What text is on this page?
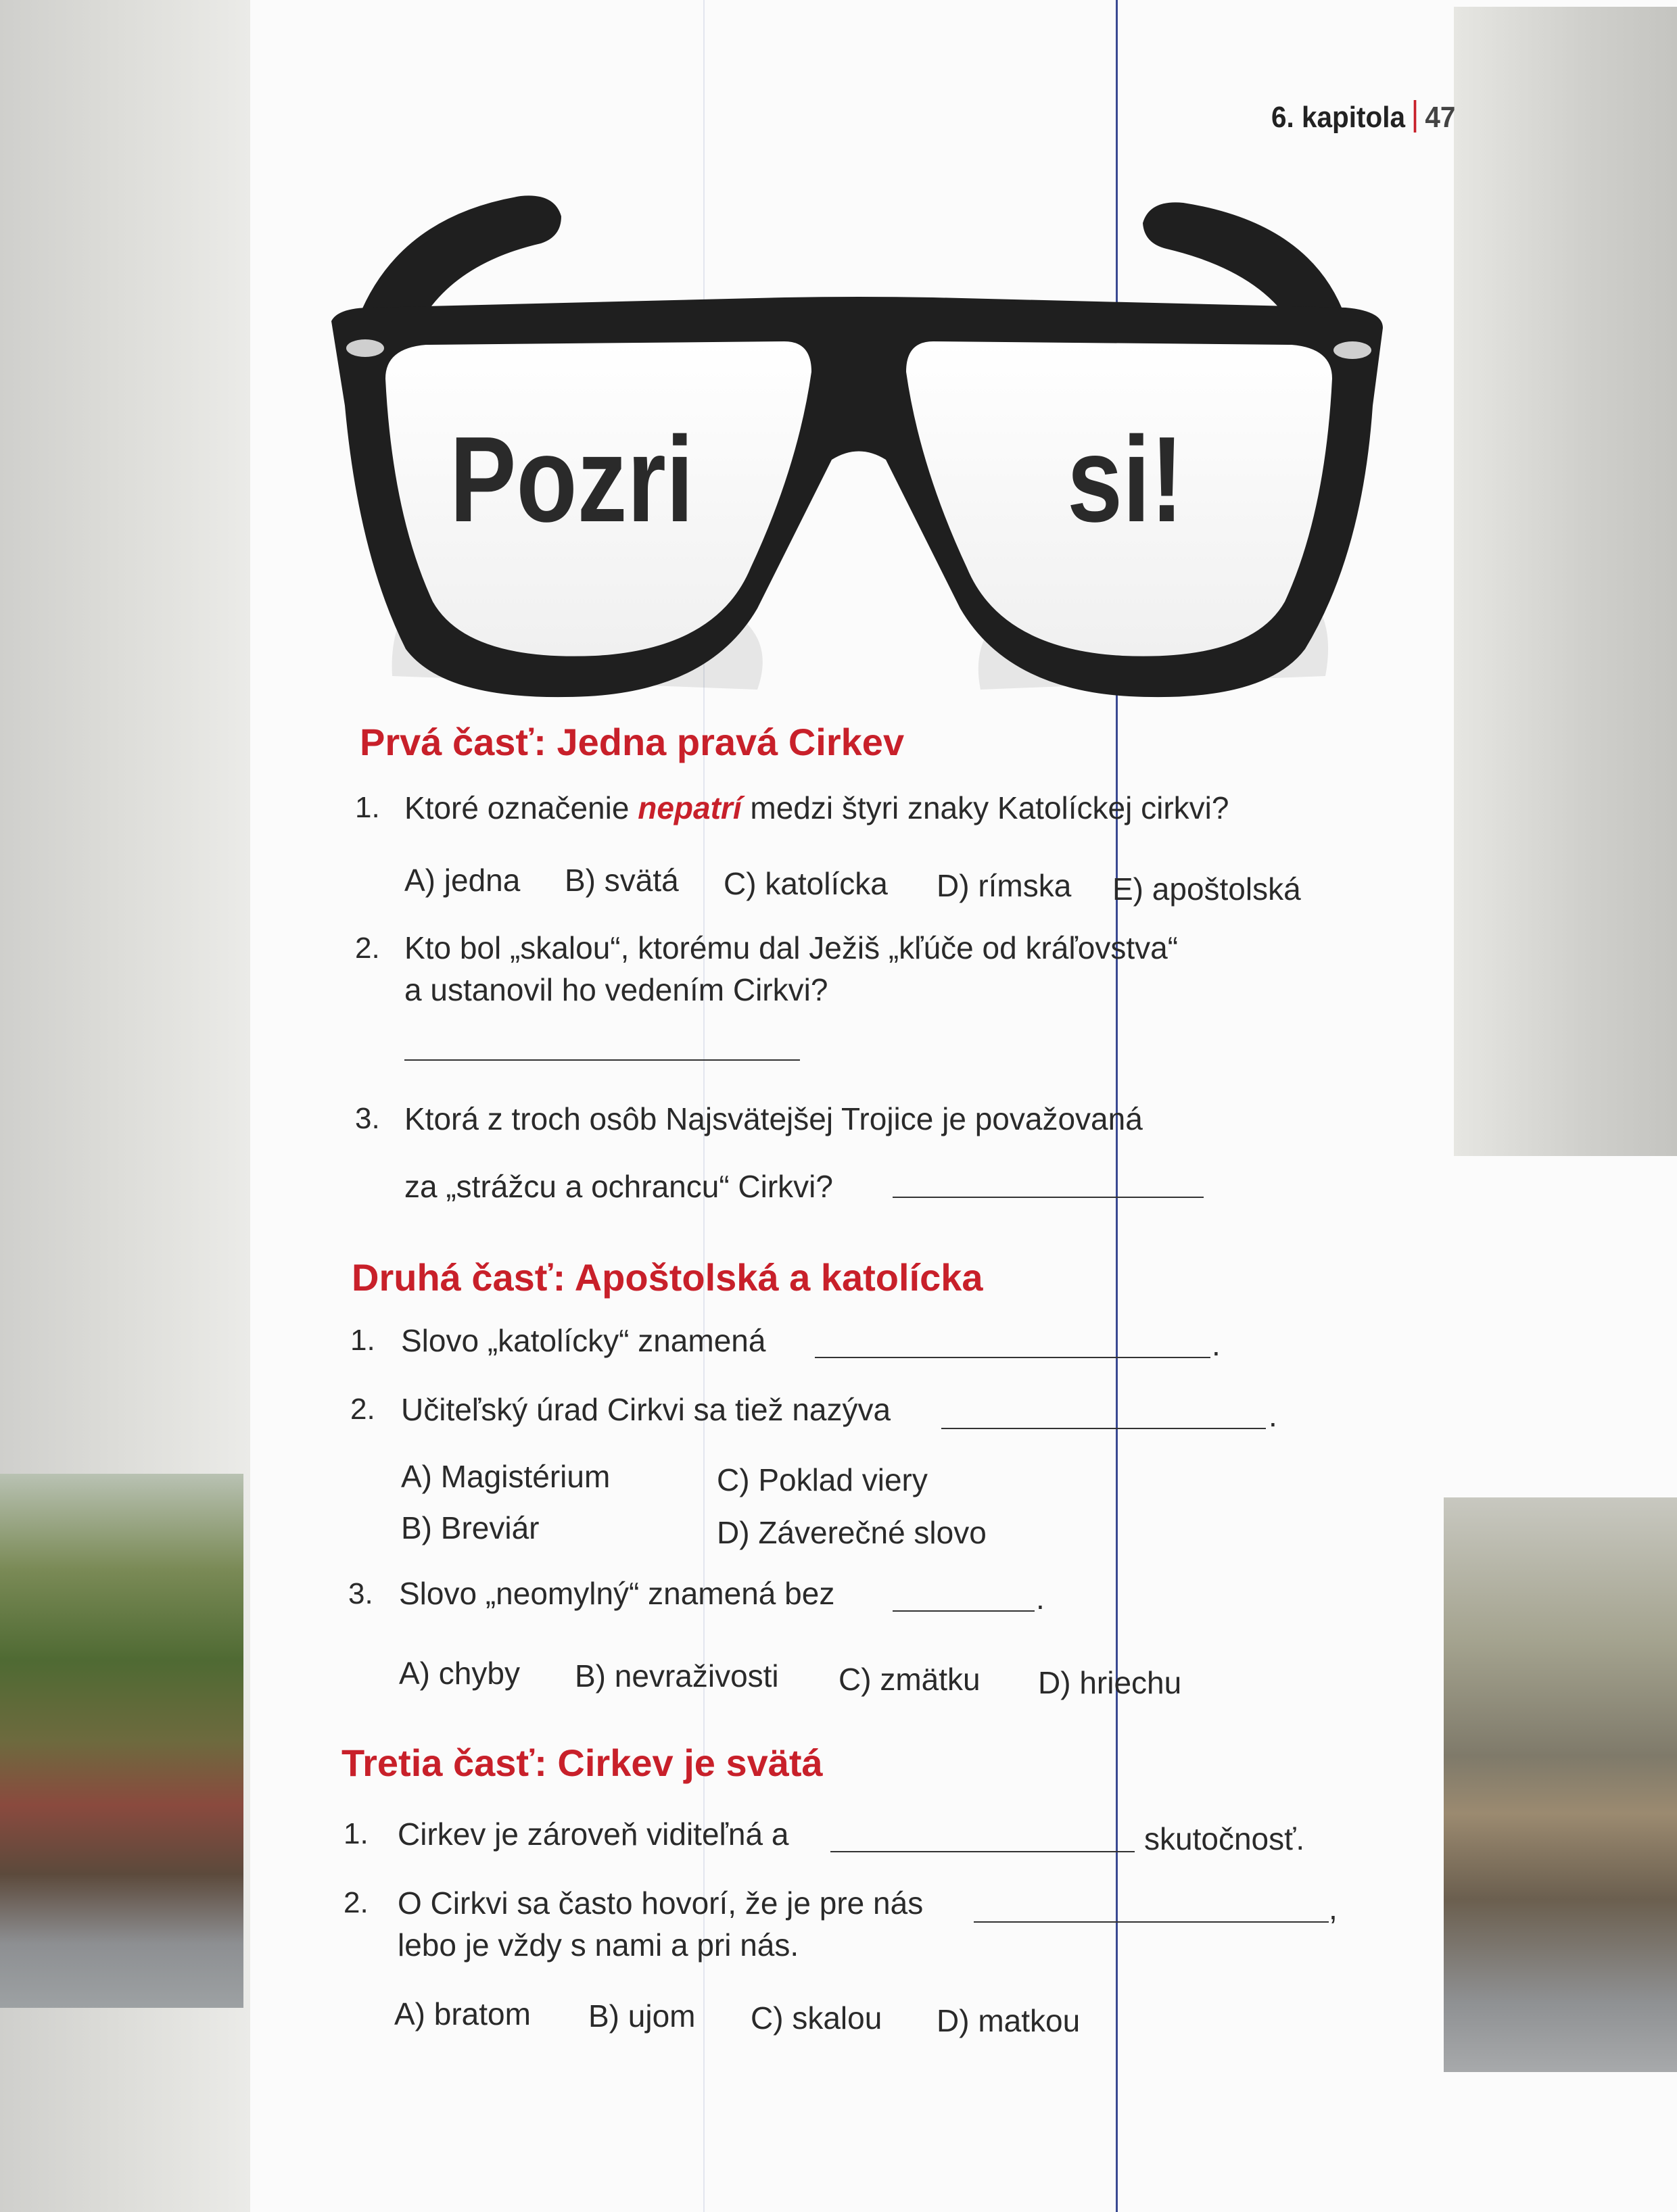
6. kapitola 47
Pozri	si!
Prvá časť: Jedna pravá Cirkev
1. Ktoré označenie nepatrí medzi štyri znaky Katolíckej cirkvi?
A) jedna B) svätá C) katolícka D) rímska E) apoštolská
2. Kto bol „skalou“, ktorému dal Ježiš „kľúče od kráľovstva“
a ustanovil ho vedením Cirkvi?
3. Ktorá z troch osôb Najsvätejšej Trojice je považovaná
za „strážcu a ochrancu“ Cirkvi?
Druhá časť: Apoštolská a katolícka
1. Slovo „katolícky“ znamená	.
2. Učiteľský úrad Cirkvi sa tiež nazýva	.
A) Magistérium	C) Poklad viery
B) Breviár	D) Záverečné slovo
3. Slovo „neomylný“ znamená bez	.
A) chyby B) nevraživosti C) zmätku D) hriechu
Tretia časť: Cirkev je svätá
1. Cirkev je zároveň viditeľná a	skutočnosť.
2. O Cirkvi sa často hovorí, že je pre nás	,
lebo je vždy s nami a pri nás.
A) bratom B) ujom C) skalou D) matkou
